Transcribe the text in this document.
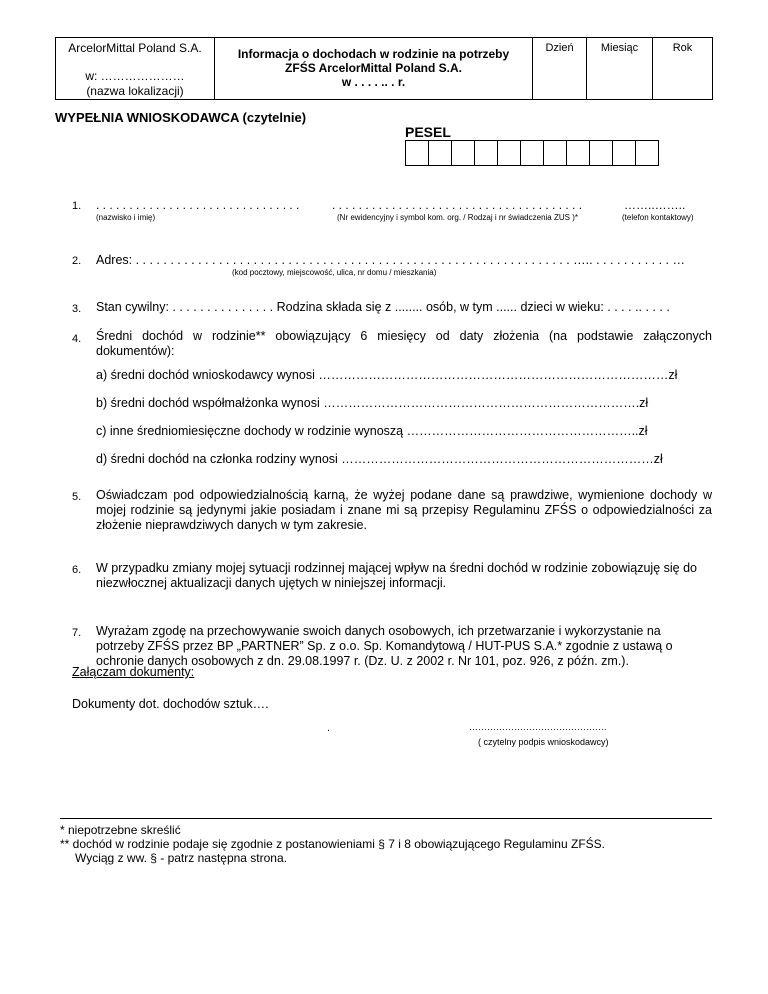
ArcelorMittal Poland S.A.
w: …………………
(nazwa lokalizacji)

Informacja o dochodach w rodzinie na potrzeby
ZFŚS ArcelorMittal Poland S.A.
w . . . . .. . r.
	Dzień	Miesiąc	Rok
WYPEŁNIA WNIOSKODAWCA (czytelnie)
PESEL
1. . . . . . . . . . . . . . . . . . . . . . . . . . . . . . . .	. . . . . . . . . . . . . . . . . . . . . . . . . . . . . . . . . . . . . .	……..……..
(nazwisko i imię)	(Nr ewidencyjny i symbol kom. org. / Rodzaj i nr świadczenia ZUS )*	(telefon kontaktowy)
2. Adres: . . . . . . . . . . . . . . . . . . . . . . . . . . . . . . . . . . . . . . . . . . . . . . . . . . . . . . . . . . . . . . . ….. . . . . . . . . . . . …
(kod pocztowy, miejscowość, ulica, nr domu / mieszkania)
3. Stan cywilny: . . . . . . . . . . . . . . . Rodzina składa się z ........ osób, w tym ...... dzieci w wieku: . . . . .. . . . .
4. Średni dochód w rodzinie** obowiązujący 6 miesięcy od daty złożenia (na podstawie załączonych dokumentów):
a) średni dochód wnioskodawcy wynosi …………………………………………………………………………zł
b) średni dochód współmałżonka wynosi ………………………………………………………………….zł
c) inne średniomiesięczne dochody w rodzinie wynoszą ………………………………………………..zł
d) średni dochód na członka rodziny wynosi …………………………………………………………………zł
5. Oświadczam pod odpowiedzialnością karną, że wyżej podane dane są prawdziwe, wymienione dochody w mojej rodzinie są jedynymi jakie posiadam i znane mi są przepisy Regulaminu ZFŚS o odpowiedzialności za złożenie nieprawdziwych danych w tym zakresie.
6. W przypadku zmiany mojej sytuacji rodzinnej mającej wpływ na średni dochód w rodzinie zobowiązuję się do niezwłocznej aktualizacji danych ujętych w niniejszej informacji.
7. Wyrażam zgodę na przechowywanie swoich danych osobowych, ich przetwarzanie i wykorzystanie na potrzeby ZFŚS przez BP „PARTNER” Sp. z o.o. Sp. Komandytową / HUT-PUS S.A.* zgodnie z ustawą o ochronie danych osobowych z dn. 29.08.1997 r. (Dz. U. z 2002 r. Nr 101, poz. 926, z późn. zm.).
Załączam dokumenty:
Dokumenty dot. dochodów sztuk….
.	……………………………………….
( czytelny podpis wnioskodawcy)
* niepotrzebne skreślić
** dochód w rodzinie podaje się zgodnie z postanowieniami § 7 i 8 obowiązującego Regulaminu ZFŚS.
Wyciąg z ww. § - patrz następna strona.
